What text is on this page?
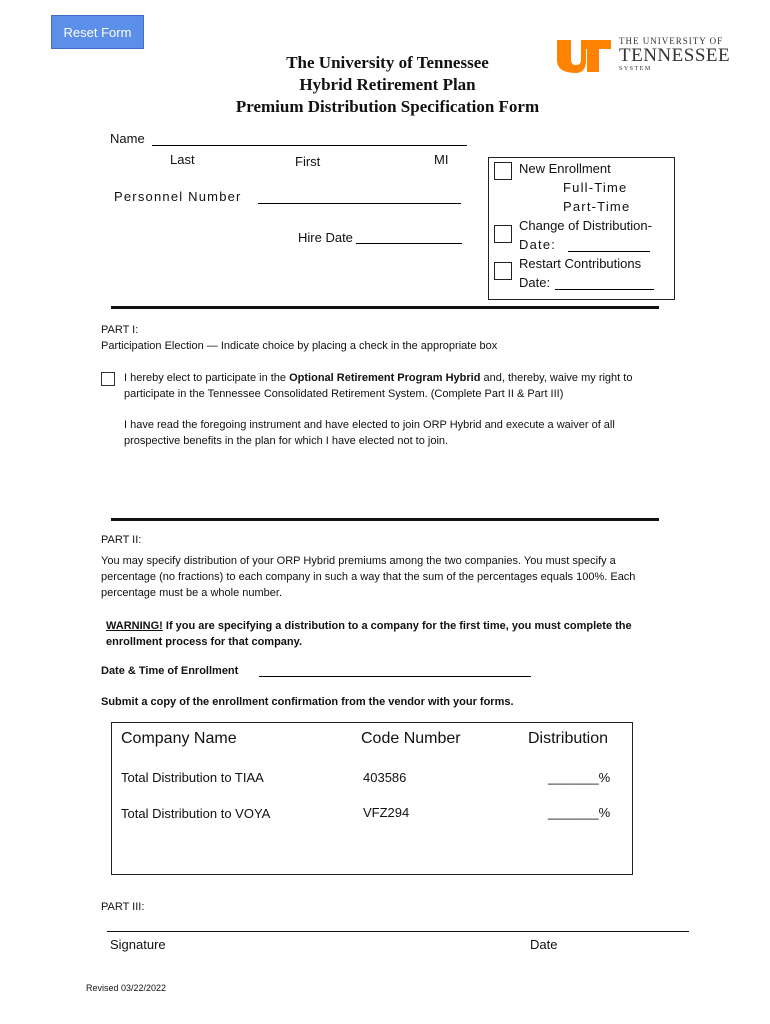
Reset Form
The University of Tennessee
Hybrid Retirement Plan
Premium Distribution Specification Form
THE UNIVERSITY OF
TENNESSEE
SYSTEM
Name
Last	First	MI
Personnel Number
Hire Date
New Enrollment
Full-Time
Part-Time
Change of Distribution-
Date:
Restart Contributions
Date:
PART I:
Participation Election — Indicate choice by placing a check in the appropriate box
I hereby elect to participate in the Optional Retirement Program Hybrid and, thereby, waive my right to
participate in the Tennessee Consolidated Retirement System. (Complete Part II & Part III)
I have read the foregoing instrument and have elected to join ORP Hybrid and execute a waiver of all
prospective benefits in the plan for which I have elected not to join.
PART II:
You may specify distribution of your ORP Hybrid premiums among the two companies. You must specify a
percentage (no fractions) to each company in such a way that the sum of the percentages equals 100%. Each
percentage must be a whole number.
WARNING! If you are specifying a distribution to a company for the first time, you must complete the
enrollment process for that company.
Date & Time of Enrollment
Submit a copy of the enrollment confirmation from the vendor with your forms.
Company Name	Code Number	Distribution
Total Distribution to TIAA	403586	_______%
Total Distribution to VOYA	VFZ294	_______%
PART III:
Signature	Date
Revised 03/22/2022
